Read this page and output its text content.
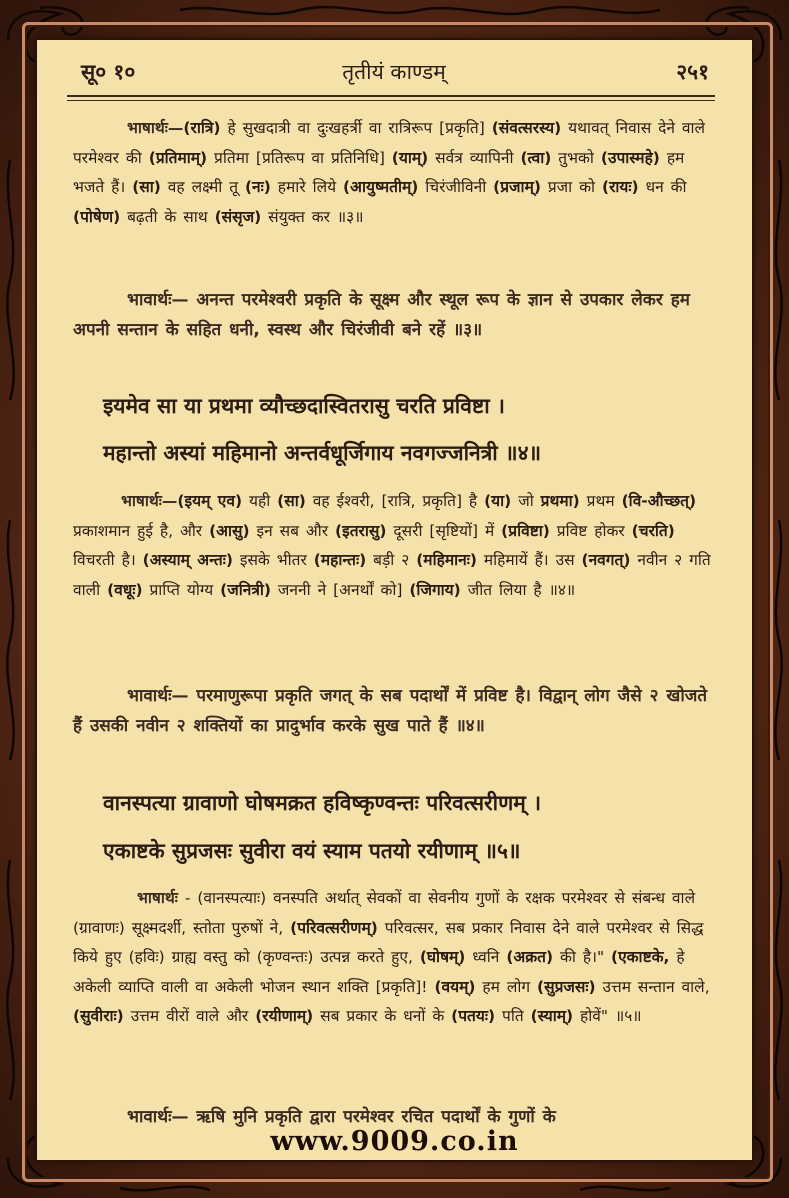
सू० १०	तृतीयं काण्डम्	२५१

भाषार्थः—(रात्रि) हे सुखदात्री वा दुःखहर्त्री वा रात्रिरूप [प्रकृति] (संवत्सरस्य) यथावत् निवास देने वाले परमेश्वर की (प्रतिमाम्) प्रतिमा [प्रतिरूप वा प्रतिनिधि] (याम्) सर्वत्र व्यापिनी (त्वा) तुभको (उपास्महे) हम भजते हैं। (सा) वह लक्ष्मी तू (नः) हमारे लिये (आयुष्मतीम्) चिरंजीविनी (प्रजाम्) प्रजा को (रायः) धन की (पोषेण) बढ़ती के साथ (संसृज) संयुक्त कर ॥३॥

भावार्थः— अनन्त परमेश्वरी प्रकृति के सूक्ष्म और स्थूल रूप के ज्ञान से उपकार लेकर हम अपनी सन्तान के सहित धनी, स्वस्थ और चिरंजीवी बने रहें ॥३॥

इयमेव सा या प्रथमा व्यौच्छदास्वितरासु चरति प्रविष्टा ।
महान्तो अस्यां महिमानो अन्तर्वधूर्जिगाय नवगज्जनित्री ॥४॥

भाषार्थः—(इयम् एव) यही (सा) वह ईश्वरी, [रात्रि, प्रकृति] है (या) जो प्रथमा) प्रथम (वि-औच्छत्) प्रकाशमान हुई है, और (आसु) इन सब और (इतरासु) दूसरी [सृष्टियों] में (प्रविष्टा) प्रविष्ट होकर (चरति) विचरती है। (अस्याम् अन्तः) इसके भीतर (महान्तः) बड़ी २ (महिमानः) महिमायें हैं। उस (नवगत्) नवीन २ गति वाली (वधूः) प्राप्ति योग्य (जनित्री) जननी ने [अनर्थों को] (जिगाय) जीत लिया है ॥४॥

भावार्थः— परमाणुरूपा प्रकृति जगत् के सब पदार्थों में प्रविष्ट है। विद्वान् लोग जैसे २ खोजते हैं उसकी नवीन २ शक्तियों का प्रादुर्भाव करके सुख पाते हैं ॥४॥

वानस्पत्या ग्रावाणो घोषमक्रत हविष्कृण्वन्तः परिवत्सरीणम् ।
एकाष्टके सुप्रजसः सुवीरा वयं स्याम पतयो रयीणाम् ॥५॥

भाषार्थः - (वानस्पत्याः) वनस्पति अर्थात् सेवकों वा सेवनीय गुणों के रक्षक परमेश्वर से संबन्ध वाले (ग्रावाणः) सूक्ष्मदर्शी, स्तोता पुरुषों ने, (परिवत्सरीणम्) परिवत्सर, सब प्रकार निवास देने वाले परमेश्वर से सिद्ध किये हुए (हविः) ग्राह्य वस्तु को (कृण्वन्तः) उत्पन्न करते हुए, (घोषम्) ध्वनि (अक्रत) की है।" (एकाष्टके, हे अकेली व्याप्ति वाली वा अकेली भोजन स्थान शक्ति [प्रकृति]! (वयम्) हम लोग (सुप्रजसः) उत्तम सन्तान वाले, (सुवीराः) उत्तम वीरों वाले और (रयीणाम्) सब प्रकार के धनों के (पतयः) पति (स्याम्) होवें" ॥५॥

भावार्थः— ऋषि मुनि प्रकृति द्वारा परमेश्वर रचित पदार्थों के गुणों के

www.9009.co.in
